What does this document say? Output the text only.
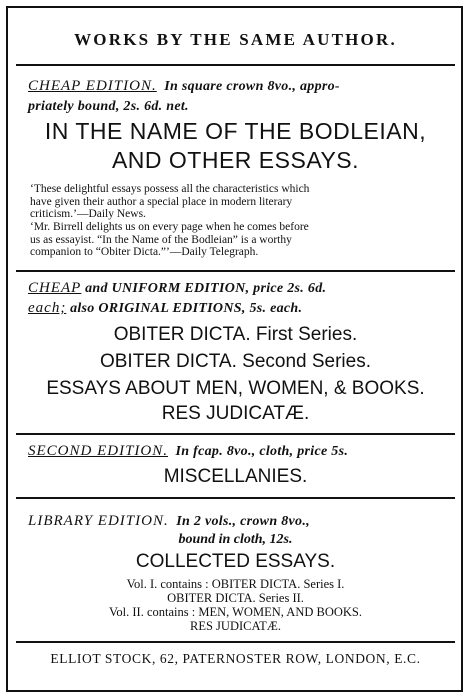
WORKS BY THE SAME AUTHOR.
CHEAP EDITION. In square crown 8vo., appro-
priately bound, 2s. 6d. net.
IN THE NAME OF THE BODLEIAN,
AND OTHER ESSAYS.
‘These delightful essays possess all the characteristics which
have given their author a special place in modern literary
criticism.’—Daily News.
‘Mr. Birrell delights us on every page when he comes before
us as essayist. “In the Name of the Bodleian” is a worthy
companion to “Obiter Dicta.”’—Daily Telegraph.
CHEAP and UNIFORM EDITION, price 2s. 6d.
each; also ORIGINAL EDITIONS, 5s. each.
OBITER DICTA. First Series.
OBITER DICTA. Second Series.
ESSAYS ABOUT MEN, WOMEN, & BOOKS.
RES JUDICATÆ.
SECOND EDITION. In fcap. 8vo., cloth, price 5s.
MISCELLANIES.
LIBRARY EDITION. In 2 vols., crown 8vo.,
bound in cloth, 12s.
COLLECTED ESSAYS.
Vol. I. contains : OBITER DICTA. Series I.
OBITER DICTA. Series II.
Vol. II. contains : MEN, WOMEN, AND BOOKS.
RES JUDICATÆ.
ELLIOT STOCK, 62, PATERNOSTER ROW, LONDON, E.C.
